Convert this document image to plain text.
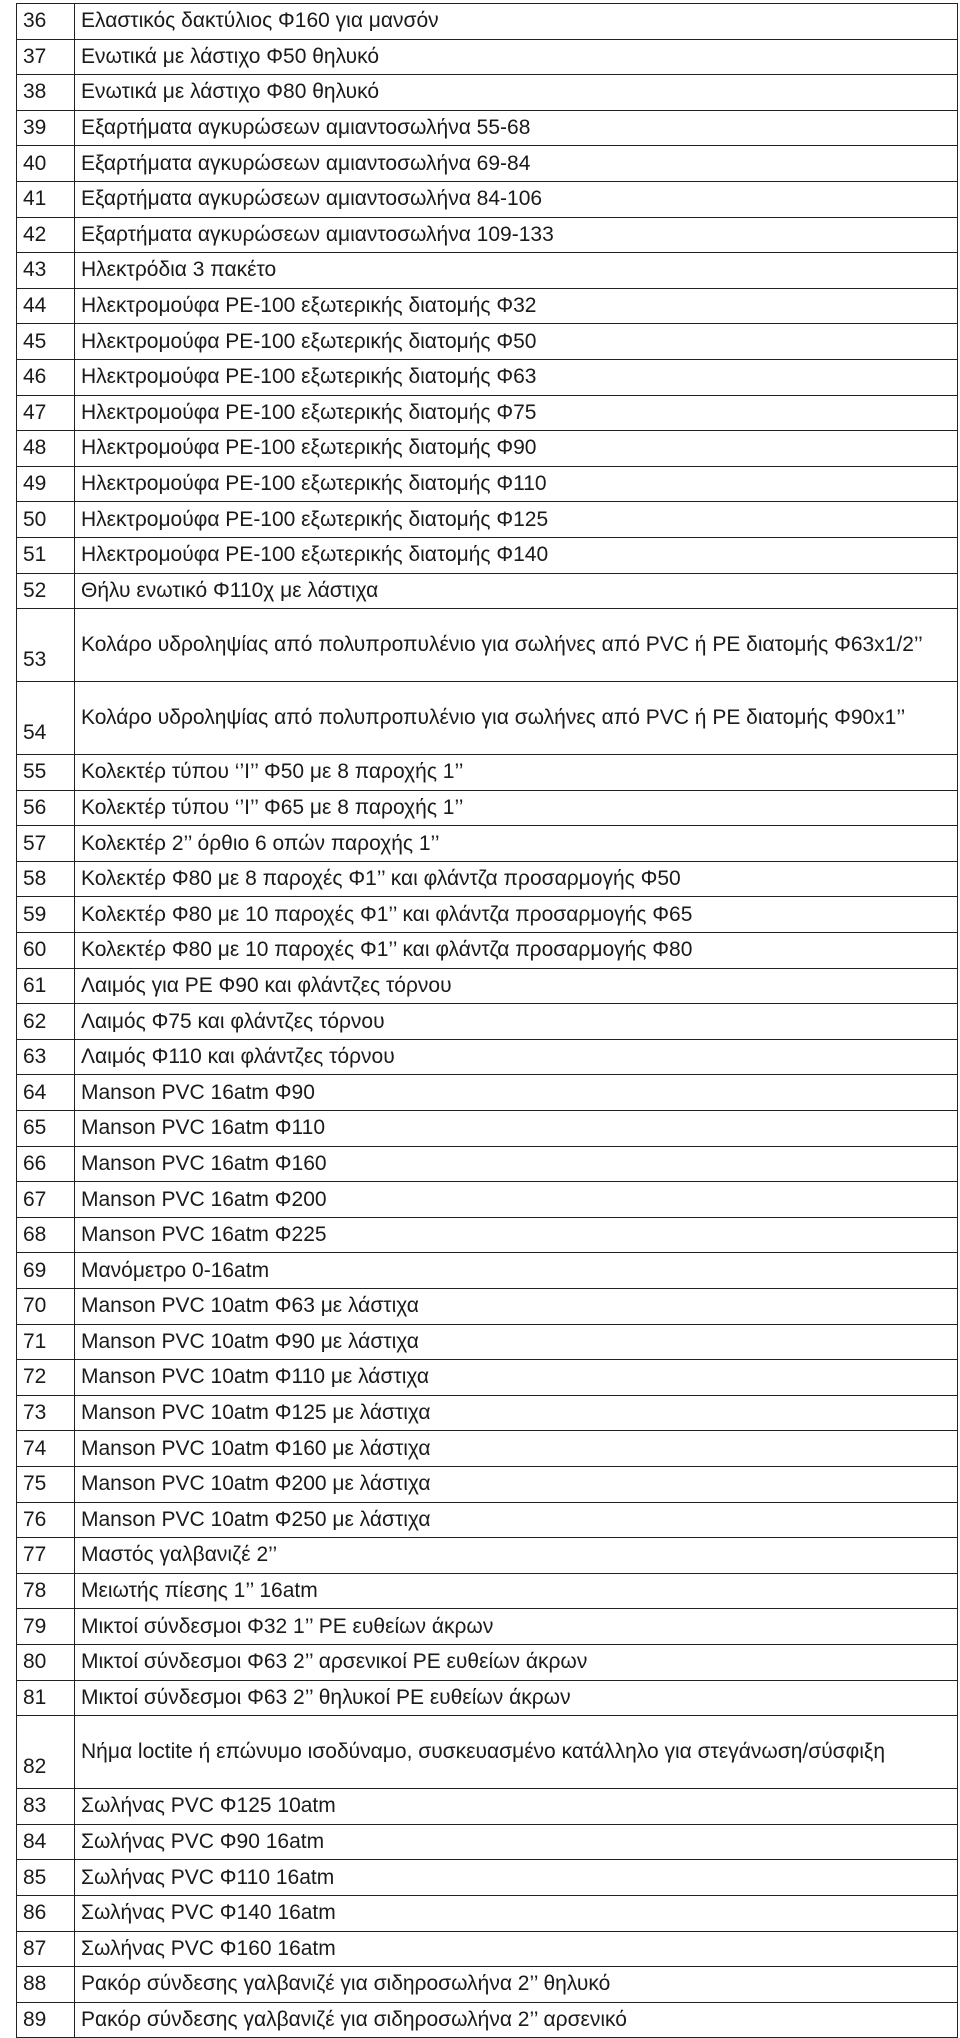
36	Ελαστικός δακτύλιος Φ160 για μανσόν
37	Ενωτικά με λάστιχο Φ50 θηλυκό
38	Ενωτικά με λάστιχο Φ80 θηλυκό
39	Εξαρτήματα αγκυρώσεων αμιαντοσωλήνα 55-68
40	Εξαρτήματα αγκυρώσεων αμιαντοσωλήνα 69-84
41	Εξαρτήματα αγκυρώσεων αμιαντοσωλήνα 84-106
42	Εξαρτήματα αγκυρώσεων αμιαντοσωλήνα 109-133
43	Ηλεκτρόδια 3 πακέτο
44	Ηλεκτρομούφα PE-100 εξωτερικής διατομής Φ32
45	Ηλεκτρομούφα PE-100 εξωτερικής διατομής Φ50
46	Ηλεκτρομούφα PE-100 εξωτερικής διατομής Φ63
47	Ηλεκτρομούφα PE-100 εξωτερικής διατομής Φ75
48	Ηλεκτρομούφα PE-100 εξωτερικής διατομής Φ90
49	Ηλεκτρομούφα PE-100 εξωτερικής διατομής Φ110
50	Ηλεκτρομούφα PE-100 εξωτερικής διατομής Φ125
51	Ηλεκτρομούφα PE-100 εξωτερικής διατομής Φ140
52	Θήλυ ενωτικό Φ110χ με λάστιχα
53	Κολάρο υδροληψίας από πολυπροπυλένιο για σωλήνες από PVC ή PE διατομής Φ63x1/2’’
54	Κολάρο υδροληψίας από πολυπροπυλένιο για σωλήνες από PVC ή PE διατομής Φ90x1’’
55	Κολεκτέρ τύπου ‘’Ι’’ Φ50 με 8 παροχής 1’’
56	Κολεκτέρ τύπου ‘’Ι’’ Φ65 με 8 παροχής 1’’
57	Κολεκτέρ 2’’ όρθιο 6 οπών παροχής 1’’
58	Κολεκτέρ Φ80 με 8 παροχές Φ1’’ και φλάντζα προσαρμογής Φ50
59	Κολεκτέρ Φ80 με 10 παροχές Φ1’’ και φλάντζα προσαρμογής Φ65
60	Κολεκτέρ Φ80 με 10 παροχές Φ1’’ και φλάντζα προσαρμογής Φ80
61	Λαιμός για PE Φ90 και φλάντζες τόρνου
62	Λαιμός Φ75 και φλάντζες τόρνου
63	Λαιμός Φ110 και φλάντζες τόρνου
64	Manson PVC 16atm Φ90
65	Manson PVC 16atm Φ110
66	Manson PVC 16atm Φ160
67	Manson PVC 16atm Φ200
68	Manson PVC 16atm Φ225
69	Μανόμετρο 0-16atm
70	Manson PVC 10atm Φ63 με λάστιχα
71	Manson PVC 10atm Φ90 με λάστιχα
72	Manson PVC 10atm Φ110 με λάστιχα
73	Manson PVC 10atm Φ125 με λάστιχα
74	Manson PVC 10atm Φ160 με λάστιχα
75	Manson PVC 10atm Φ200 με λάστιχα
76	Manson PVC 10atm Φ250 με λάστιχα
77	Μαστός γαλβανιζέ 2’’
78	Μειωτής πίεσης 1’’ 16atm
79	Μικτοί σύνδεσμοι Φ32 1’’ PE ευθείων άκρων
80	Μικτοί σύνδεσμοι Φ63 2’’ αρσενικοί PE ευθείων άκρων
81	Μικτοί σύνδεσμοι Φ63 2’’ θηλυκοί PE ευθείων άκρων
82	Νήμα loctite ή επώνυμο ισοδύναμο, συσκευασμένο κατάλληλο για στεγάνωση/σύσφιξη
83	Σωλήνας PVC Φ125 10atm
84	Σωλήνας PVC Φ90 16atm
85	Σωλήνας PVC Φ110 16atm
86	Σωλήνας PVC Φ140 16atm
87	Σωλήνας PVC Φ160 16atm
88	Ρακόρ σύνδεσης γαλβανιζέ για σιδηροσωλήνα 2’’ θηλυκό
89	Ρακόρ σύνδεσης γαλβανιζέ για σιδηροσωλήνα 2’’ αρσενικό
